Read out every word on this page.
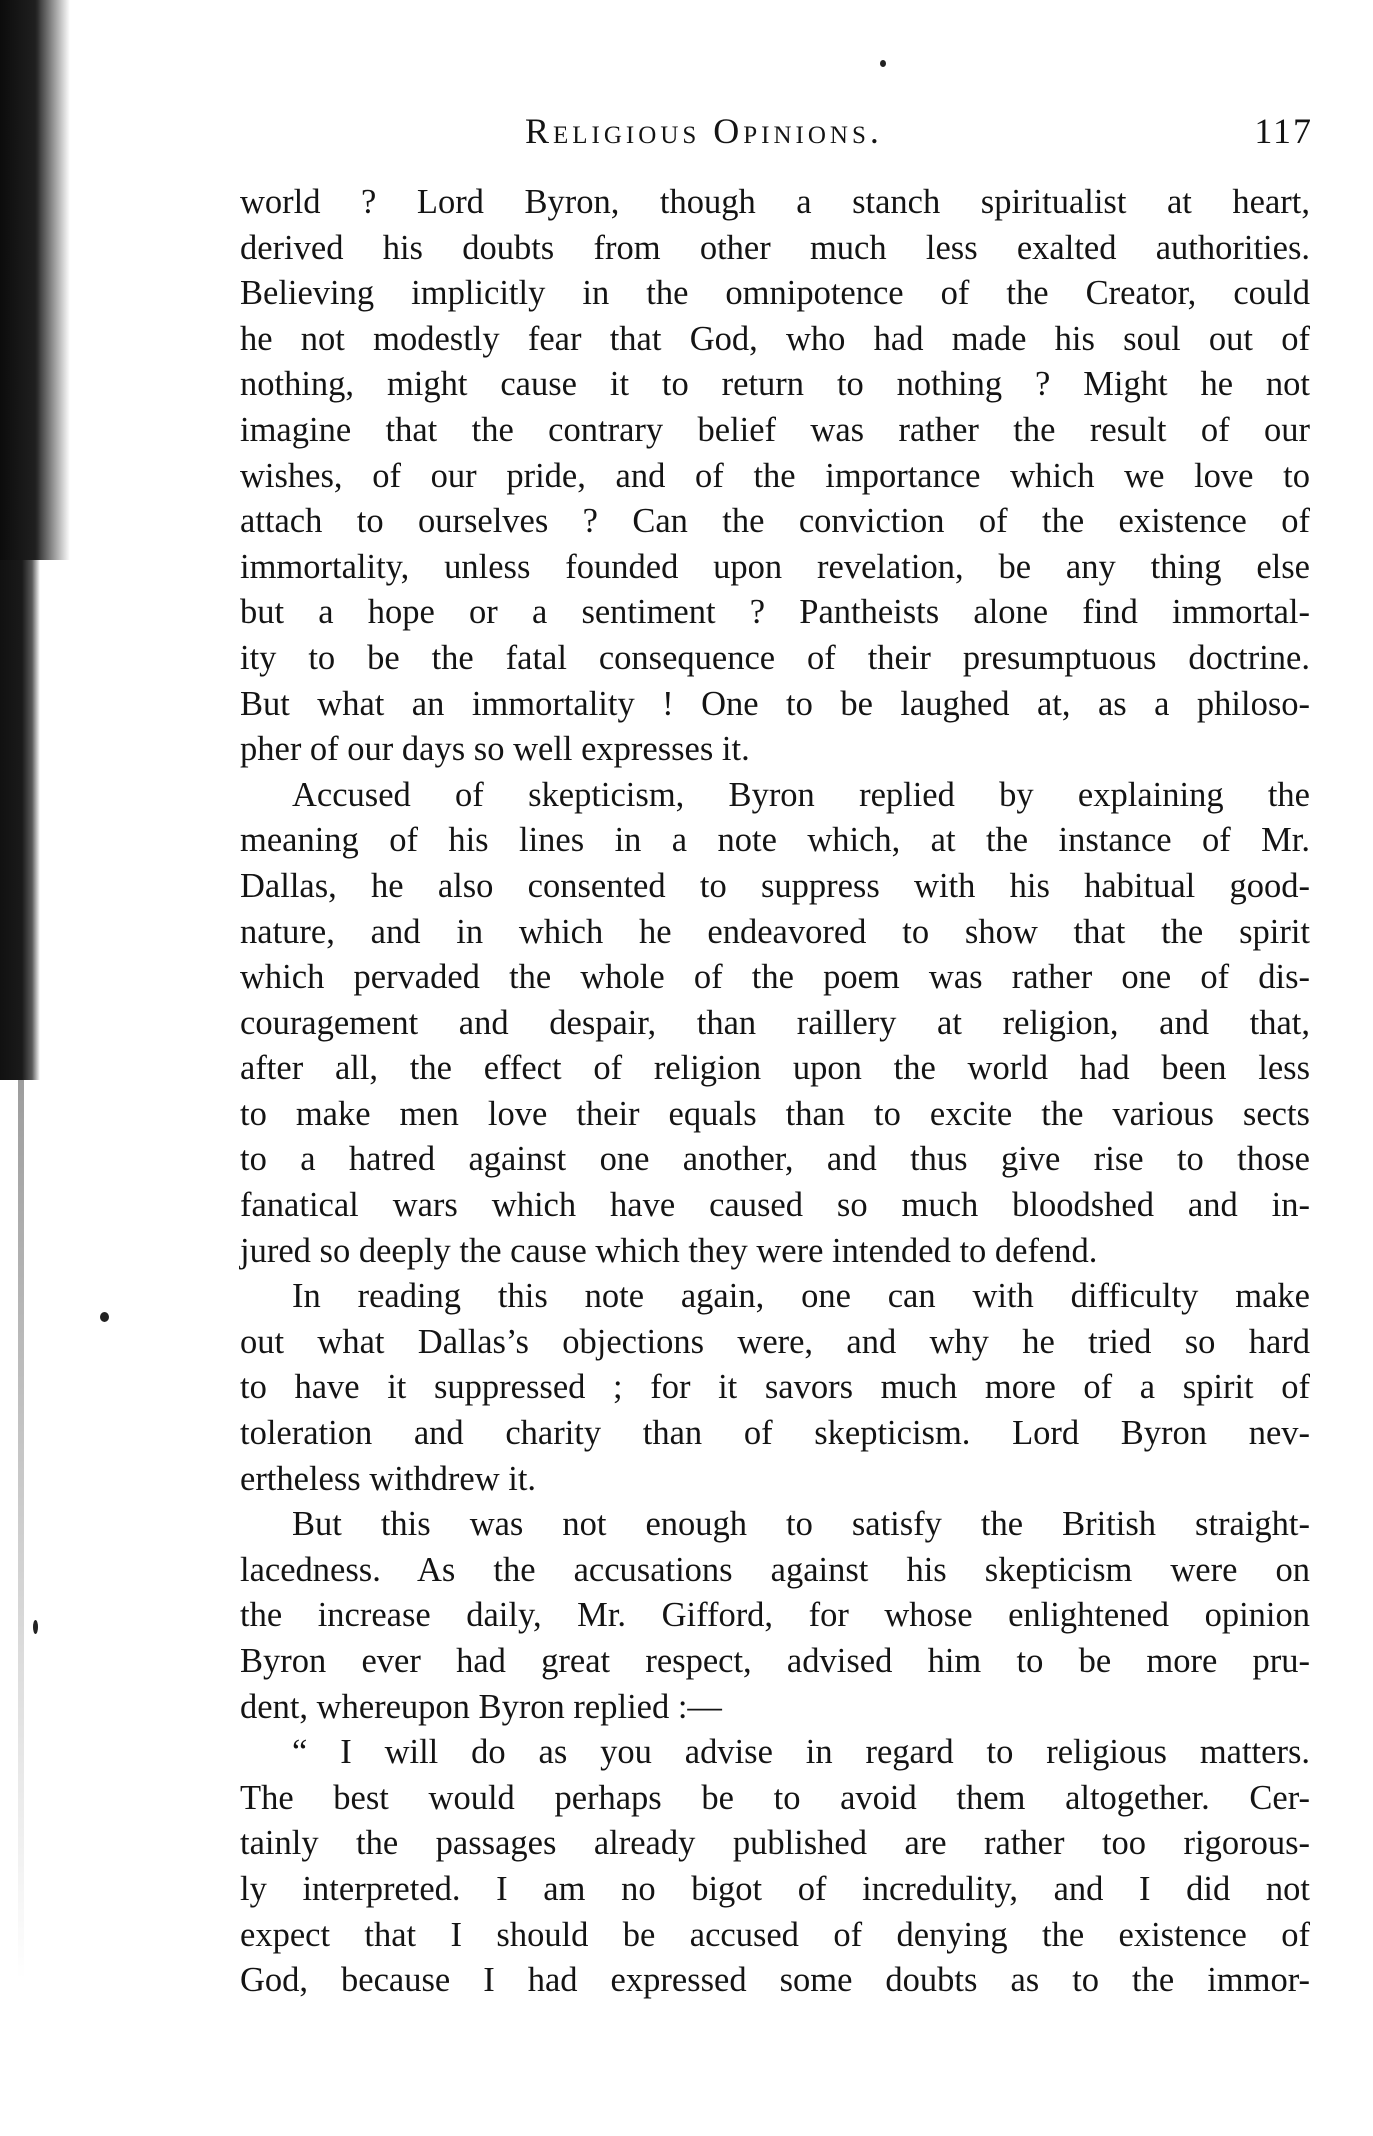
Religious Opinions.	117
world ? Lord Byron, though a stanch spiritualist at heart,
derived his doubts from other much less exalted authorities.
Believing implicitly in the omnipotence of the Creator, could
he not modestly fear that God, who had made his soul out of
nothing, might cause it to return to nothing ? Might he not
imagine that the contrary belief was rather the result of our
wishes, of our pride, and of the importance which we love to
attach to ourselves ? Can the conviction of the existence of
immortality, unless founded upon revelation, be any thing else
but a hope or a sentiment ? Pantheists alone find immortal-
ity to be the fatal consequence of their presumptuous doctrine.
But what an immortality ! One to be laughed at, as a philoso-
pher of our days so well expresses it.
Accused of skepticism, Byron replied by explaining the
meaning of his lines in a note which, at the instance of Mr.
Dallas, he also consented to suppress with his habitual good-
nature, and in which he endeavored to show that the spirit
which pervaded the whole of the poem was rather one of dis-
couragement and despair, than raillery at religion, and that,
after all, the effect of religion upon the world had been less
to make men love their equals than to excite the various sects
to a hatred against one another, and thus give rise to those
fanatical wars which have caused so much bloodshed and in-
jured so deeply the cause which they were intended to defend.
In reading this note again, one can with difficulty make
out what Dallas’s objections were, and why he tried so hard
to have it suppressed ; for it savors much more of a spirit of
toleration and charity than of skepticism. Lord Byron nev-
ertheless withdrew it.
But this was not enough to satisfy the British straight-
lacedness. As the accusations against his skepticism were on
the increase daily, Mr. Gifford, for whose enlightened opinion
Byron ever had great respect, advised him to be more pru-
dent, whereupon Byron replied :—
“ I will do as you advise in regard to religious matters.
The best would perhaps be to avoid them altogether. Cer-
tainly the passages already published are rather too rigorous-
ly interpreted. I am no bigot of incredulity, and I did not
expect that I should be accused of denying the existence of
God, because I had expressed some doubts as to the immor-
